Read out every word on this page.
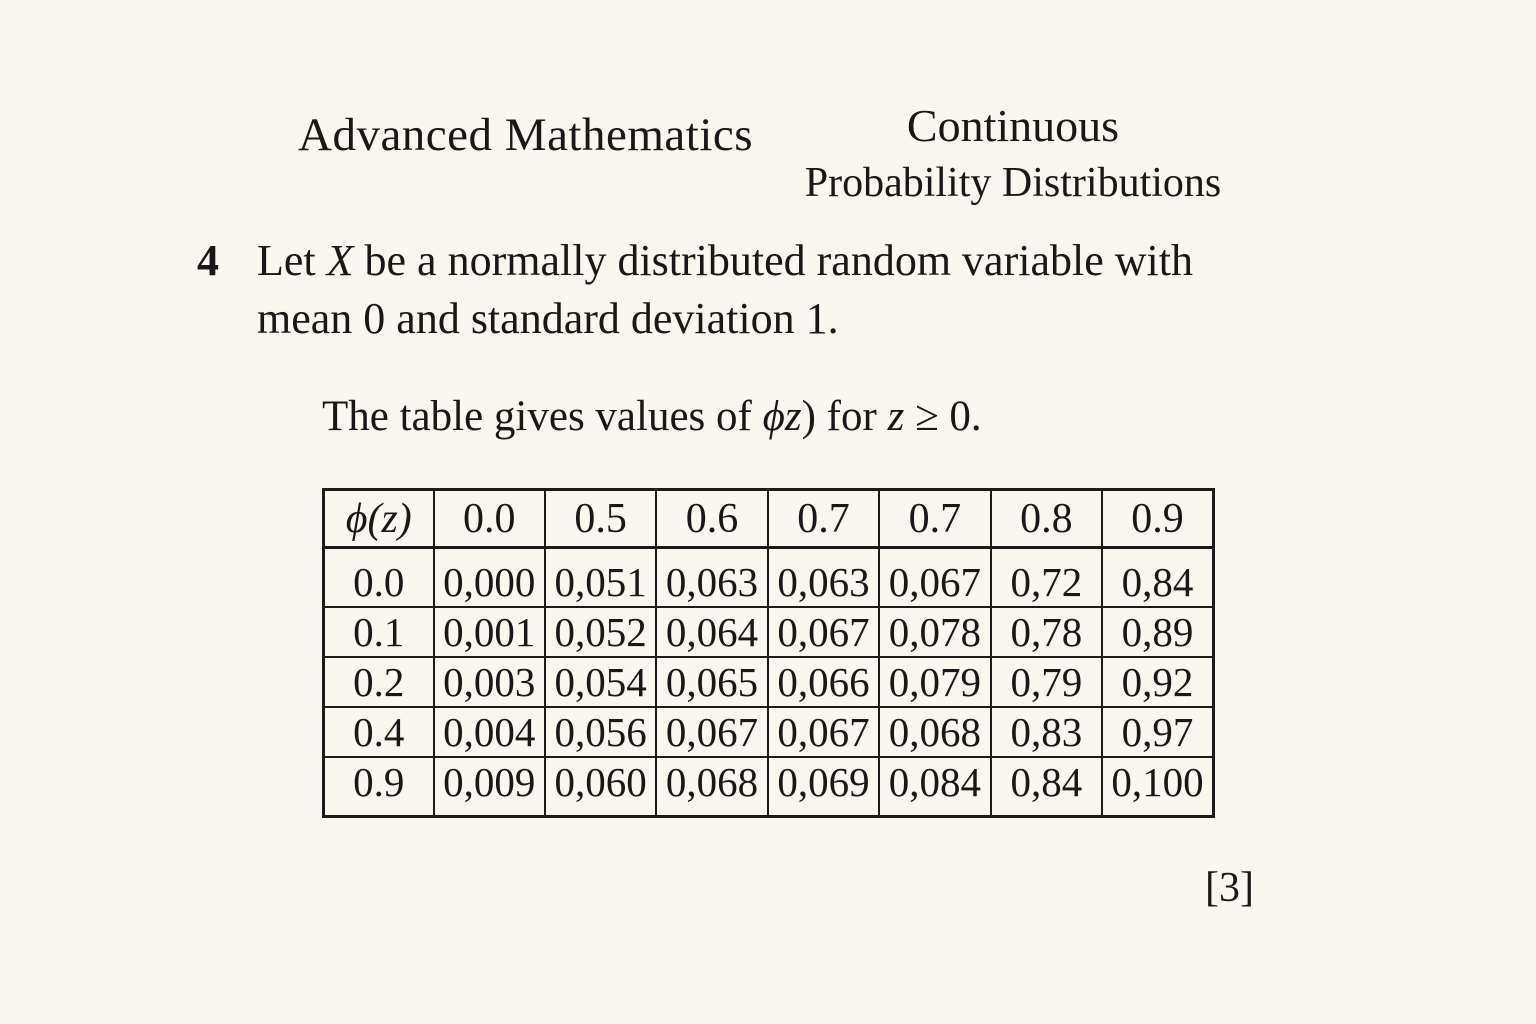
Advanced Mathematics	Continuous
Probability Distributions
4 Let X be a normally distributed random variable with mean 0 and standard deviation 1.
The table gives values of ϕz) for z ≥ 0.
ϕ(z)	0.0	0.5	0.6	0.7	0.7	0.8	0.9
0.0	0,000	0,051	0,063	0,063	0,067	0,72	0,84
0.1	0,001	0,052	0,064	0,067	0,078	0,78	0,89
0.2	0,003	0,054	0,065	0,066	0,079	0,79	0,92
0.4	0,004	0,056	0,067	0,067	0,068	0,83	0,97
0.9	0,009	0,060	0,068	0,069	0,084	0,84	0,100
[3]
